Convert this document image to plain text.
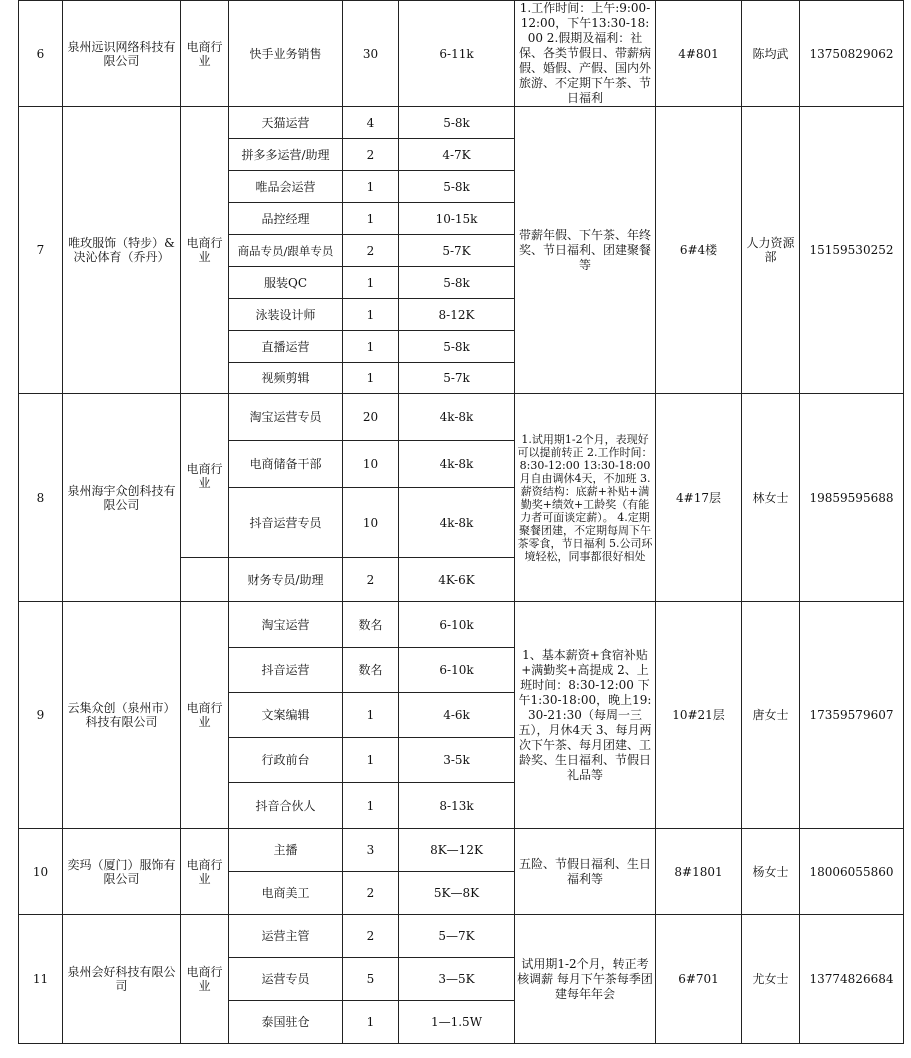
6	泉州远识网络科技有限公司	电商行业	快手业务销售	30	6-11k	1.工作时间：上午:9:00-12:00，下午13:30-18:00 2.假期及福利：社保、各类节假日、带薪病假、婚假、产假、国内外旅游、不定期下午茶、节日福利	4#801	陈均武	13750829062
7	唯玫服饰（特步）& 决沁体育（乔丹）	电商行业	天猫运营	4	5-8k	带薪年假、下午茶、年终奖、节日福利、团建聚餐等	6#4楼	人力资源部	15159530252
			拼多多运营/助理	2	4-7K				
			唯品会运营	1	5-8k				
			品控经理	1	10-15k				
			商品专员/跟单专员	2	5-7K				
			服装QC	1	5-8k				
			泳装设计师	1	8-12K				
			直播运营	1	5-8k				
			视频剪辑	1	5-7k				
8	泉州海宇众创科技有限公司	电商行业	淘宝运营专员	20	4k-8k	1.试用期1-2个月，表现好可以提前转正 2.工作时间：8:30-12:00 13:30-18:00 月自由调休4天，不加班 3.薪资结构：底薪+补贴+满勤奖+绩效+工龄奖（有能力者可面谈定薪）。 4.定期聚餐团建，不定期每周下午茶零食，节日福利 5.公司环境轻松，同事都很好相处	4#17层	林女士	19859595688
			电商储备干部	10	4k-8k				
			抖音运营专员	10	4k-8k				
			财务专员/助理	2	4K-6K				
9	云集众创（泉州市）科技有限公司	电商行业	淘宝运营	数名	6-10k	1、基本薪资+食宿补贴+满勤奖+高提成 2、上班时间：8:30-12:00 下午1:30-18:00，晚上19:30-21:30（每周一三五），月休4天 3、每月两次下午茶、每月团建、工龄奖、生日福利、节假日礼品等	10#21层	唐女士	17359579607
			抖音运营	数名	6-10k				
			文案编辑	1	4-6k				
			行政前台	1	3-5k				
			抖音合伙人	1	8-13k				
10	奕玛（厦门）服饰有限公司	电商行业	主播	3	8K—12K	五险、节假日福利、生日福利等	8#1801	杨女士	18006055860
			电商美工	2	5K—8K				
11	泉州会好科技有限公司	电商行业	运营主管	2	5—7K	试用期1-2个月，转正考核调薪 每月下午茶每季团建每年年会	6#701	尤女士	13774826684
			运营专员	5	3—5K				
			泰国驻仓	1	1—1.5W				
